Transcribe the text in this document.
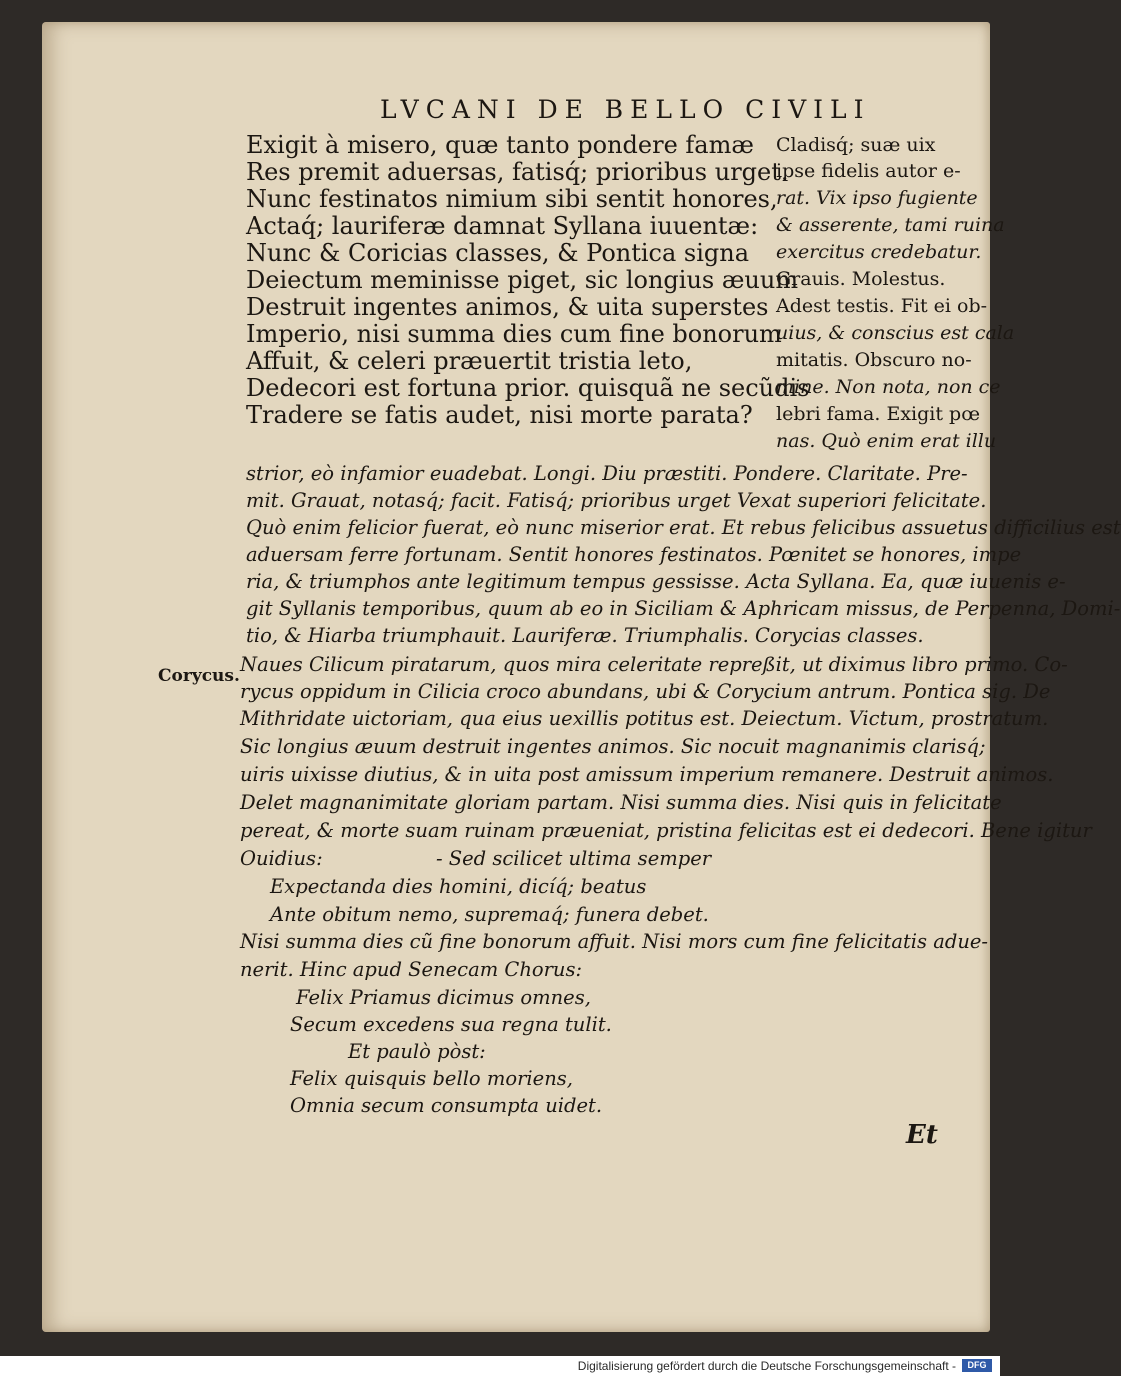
LVCANI DE BELLO CIVILI
Exigit à misero, quæ tanto pondere famæ
Res premit aduersas, fatisq́; prioribus urget.
Nunc festinatos nimium sibi sentit honores,
Actaq́; lauriferæ damnat Syllana iuuentæ:
Nunc & Coricias classes, & Pontica signa
Deiectum meminisse piget, sic longius æuum
Destruit ingentes animos, & uita superstes
Imperio, nisi summa dies cum fine bonorum
Affuit, & celeri præuertit tristia leto,
Dedecori est fortuna prior. quisquã ne secũdis
Tradere se fatis audet, nisi morte parata?
Cladisq́; suæ uix
ipse fidelis autor e-
rat. Vix ipso fugiente
& asserente, tami ruina
exercitus credebatur.
Grauis. Molestus.
Adest testis. Fit ei ob-
uius, & conscius est cala
mitatis. Obscuro no-
mine. Non nota, non ce
lebri fama. Exigit pœ
nas. Quò enim erat illu
strior, eò infamior euadebat. Longi. Diu præstiti. Pondere. Claritate. Pre-
mit. Grauat, notasq́; facit. Fatisq́; prioribus urget Vexat superiori felicitate.
Quò enim felicior fuerat, eò nunc miserior erat. Et rebus felicibus assuetus difficilius est
aduersam ferre fortunam. Sentit honores festinatos. Pœnitet se honores, impe
ria, & triumphos ante legitimum tempus gessisse. Acta Syllana. Ea, quæ iuuenis e-
git Syllanis temporibus, quum ab eo in Siciliam & Aphricam missus, de Perpenna, Domi-
tio, & Hiarba triumphauit. Lauriferæ. Triumphalis. Corycias classes.
Corycus. Naues Cilicum piratarum, quos mira celeritate repreßit, ut diximus libro primo. Co-
rycus oppidum in Cilicia croco abundans, ubi & Corycium antrum. Pontica sig. De
Mithridate uictoriam, qua eius uexillis potitus est. Deiectum. Victum, prostratum.
Sic longius æuum destruit ingentes animos. Sic nocuit magnanimis clarisq́;
uiris uixisse diutius, & in uita post amissum imperium remanere. Destruit animos.
Delet magnanimitate gloriam partam. Nisi summa dies. Nisi quis in felicitate
pereat, & morte suam ruinam præueniat, pristina felicitas est ei dedecori. Bene igitur
Ouidius:	- Sed scilicet ultima semper
Expectanda dies homini, dicíq́; beatus
Ante obitum nemo, supremaq́; funera debet.
Nisi summa dies cũ fine bonorum affuit. Nisi mors cum fine felicitatis adue-
nerit. Hinc apud Senecam Chorus:
Felix Priamus dicimus omnes,
Secum excedens sua regna tulit.
Et paulò pòst:
Felix quisquis bello moriens,
Omnia secum consumpta uidet.
Et
Digitalisierung gefördert durch die Deutsche Forschungsgemeinschaft -	DFG
